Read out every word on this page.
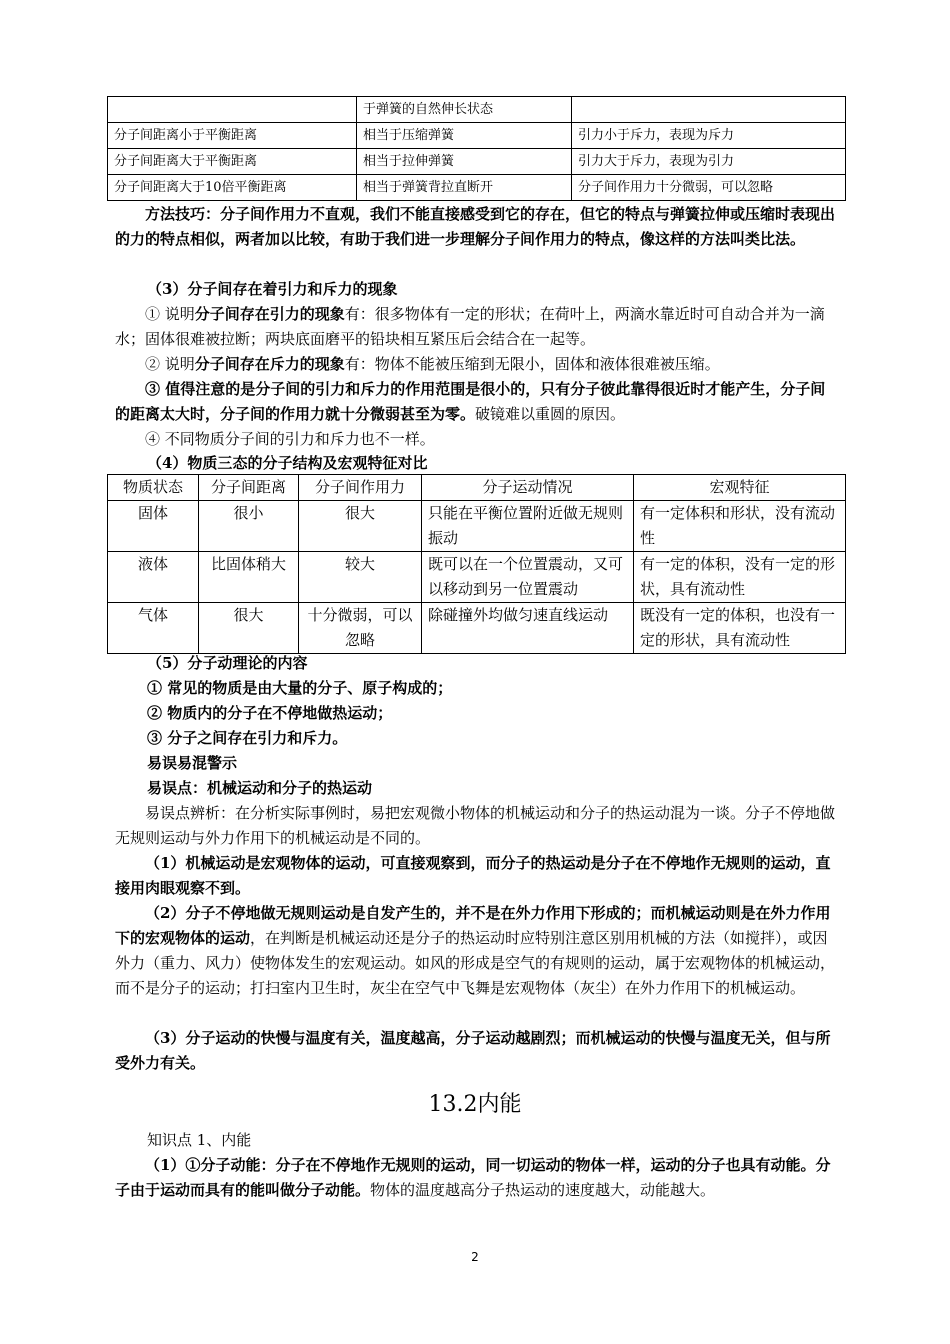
	于弹簧的自然伸长状态	
分子间距离小于平衡距离	相当于压缩弹簧	引力小于斥力，表现为斥力
分子间距离大于平衡距离	相当于拉伸弹簧	引力大于斥力，表现为引力
分子间距离大于10倍平衡距离	相当于弹簧背拉直断开	分子间作用力十分微弱，可以忽略
方法技巧：分子间作用力不直观，我们不能直接感受到它的存在，但它的特点与弹簧拉伸或压缩时表现出的力的特点相似，两者加以比较，有助于我们进一步理解分子间作用力的特点，像这样的方法叫类比法。
（3）分子间存在着引力和斥力的现象
① 说明分子间存在引力的现象有：很多物体有一定的形状；在荷叶上，两滴水靠近时可自动合并为一滴水；固体很难被拉断；两块底面磨平的铅块相互紧压后会结合在一起等。
② 说明分子间存在斥力的现象有：物体不能被压缩到无限小，固体和液体很难被压缩。
③ 值得注意的是分子间的引力和斥力的作用范围是很小的，只有分子彼此靠得很近时才能产生，分子间的距离太大时，分子间的作用力就十分微弱甚至为零。破镜难以重圆的原因。
④ 不同物质分子间的引力和斥力也不一样。
（4）物质三态的分子结构及宏观特征对比
物质状态	分子间距离	分子间作用力	分子运动情况	宏观特征
固体	很小	很大	只能在平衡位置附近做无规则振动	有一定体积和形状，没有流动性
液体	比固体稍大	较大	既可以在一个位置震动，又可以移动到另一位置震动	有一定的体积，没有一定的形状，具有流动性
气体	很大	十分微弱，可以忽略	除碰撞外均做匀速直线运动	既没有一定的体积，也没有一定的形状，具有流动性
（5）分子动理论的内容
① 常见的物质是由大量的分子、原子构成的；
② 物质内的分子在不停地做热运动；
③ 分子之间存在引力和斥力。
易误易混警示
易误点：机械运动和分子的热运动
易误点辨析：在分析实际事例时，易把宏观微小物体的机械运动和分子的热运动混为一谈。分子不停地做无规则运动与外力作用下的机械运动是不同的。
（1）机械运动是宏观物体的运动，可直接观察到，而分子的热运动是分子在不停地作无规则的运动，直接用肉眼观察不到。
（2）分子不停地做无规则运动是自发产生的，并不是在外力作用下形成的；而机械运动则是在外力作用下的宏观物体的运动，在判断是机械运动还是分子的热运动时应特别注意区别用机械的方法（如搅拌），或因外力（重力、风力）使物体发生的宏观运动。如风的形成是空气的有规则的运动，属于宏观物体的机械运动，而不是分子的运动；打扫室内卫生时，灰尘在空气中飞舞是宏观物体（灰尘）在外力作用下的机械运动。
（3）分子运动的快慢与温度有关，温度越高，分子运动越剧烈；而机械运动的快慢与温度无关，但与所受外力有关。
13.2内能
知识点 1、内能
（1）①分子动能：分子在不停地作无规则的运动，同一切运动的物体一样，运动的分子也具有动能。分子由于运动而具有的能叫做分子动能。物体的温度越高分子热运动的速度越大，动能越大。
2
